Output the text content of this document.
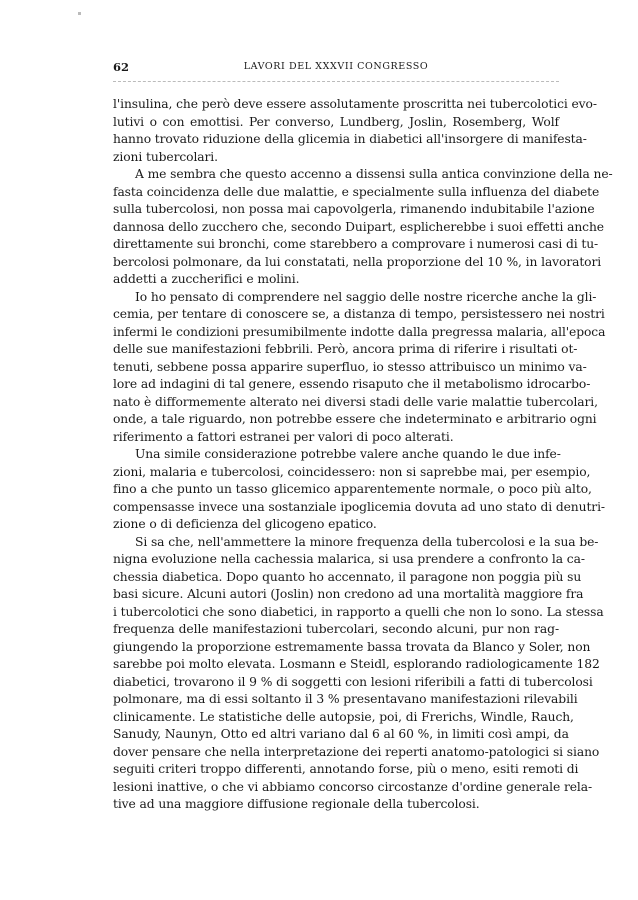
62	LAVORI DEL XXXVII CONGRESSO
l'insulina, che però deve essere assolutamente proscritta nei tubercolotici evo-
lutivi o con emottisi. Per converso, Lundberg, Joslin, Rosemberg, Wolf
hanno trovato riduzione della glicemia in diabetici all'insorgere di manifesta-
zioni tubercolari.
A me sembra che questo accenno a dissensi sulla antica convinzione della ne-
fasta coincidenza delle due malattie, e specialmente sulla influenza del diabete
sulla tubercolosi, non possa mai capovolgerla, rimanendo indubitabile l'azione
dannosa dello zucchero che, secondo Duipart, esplicherebbe i suoi effetti anche
direttamente sui bronchi, come starebbero a comprovare i numerosi casi di tu-
bercolosi polmonare, da lui constatati, nella proporzione del 10 %, in lavoratori
addetti a zuccherifici e molini.
Io ho pensato di comprendere nel saggio delle nostre ricerche anche la gli-
cemia, per tentare di conoscere se, a distanza di tempo, persistessero nei nostri
infermi le condizioni presumibilmente indotte dalla pregressa malaria, all'epoca
delle sue manifestazioni febbrili. Però, ancora prima di riferire i risultati ot-
tenuti, sebbene possa apparire superfluo, io stesso attribuisco un minimo va-
lore ad indagini di tal genere, essendo risaputo che il metabolismo idrocarbo-
nato è difformemente alterato nei diversi stadi delle varie malattie tubercolari,
onde, a tale riguardo, non potrebbe essere che indeterminato e arbitrario ogni
riferimento a fattori estranei per valori di poco alterati.
Una simile considerazione potrebbe valere anche quando le due infe-
zioni, malaria e tubercolosi, coincidessero: non si saprebbe mai, per esempio,
fino a che punto un tasso glicemico apparentemente normale, o poco più alto,
compensasse invece una sostanziale ipoglicemia dovuta ad uno stato di denutri-
zione o di deficienza del glicogeno epatico.
Si sa che, nell'ammettere la minore frequenza della tubercolosi e la sua be-
nigna evoluzione nella cachessia malarica, si usa prendere a confronto la ca-
chessia diabetica. Dopo quanto ho accennato, il paragone non poggia più su
basi sicure. Alcuni autori (Joslin) non credono ad una mortalità maggiore fra
i tubercolotici che sono diabetici, in rapporto a quelli che non lo sono. La stessa
frequenza delle manifestazioni tubercolari, secondo alcuni, pur non rag-
giungendo la proporzione estremamente bassa trovata da Blanco y Soler, non
sarebbe poi molto elevata. Losmann e Steidl, esplorando radiologicamente 182
diabetici, trovarono il 9 % di soggetti con lesioni riferibili a fatti di tubercolosi
polmonare, ma di essi soltanto il 3 % presentavano manifestazioni rilevabili
clinicamente. Le statistiche delle autopsie, poi, di Frerichs, Windle, Rauch,
Sanudy, Naunyn, Otto ed altri variano dal 6 al 60 %, in limiti così ampi, da
dover pensare che nella interpretazione dei reperti anatomo-patologici si siano
seguiti criteri troppo differenti, annotando forse, più o meno, esiti remoti di
lesioni inattive, o che vi abbiamo concorso circostanze d'ordine generale rela-
tive ad una maggiore diffusione regionale della tubercolosi.
